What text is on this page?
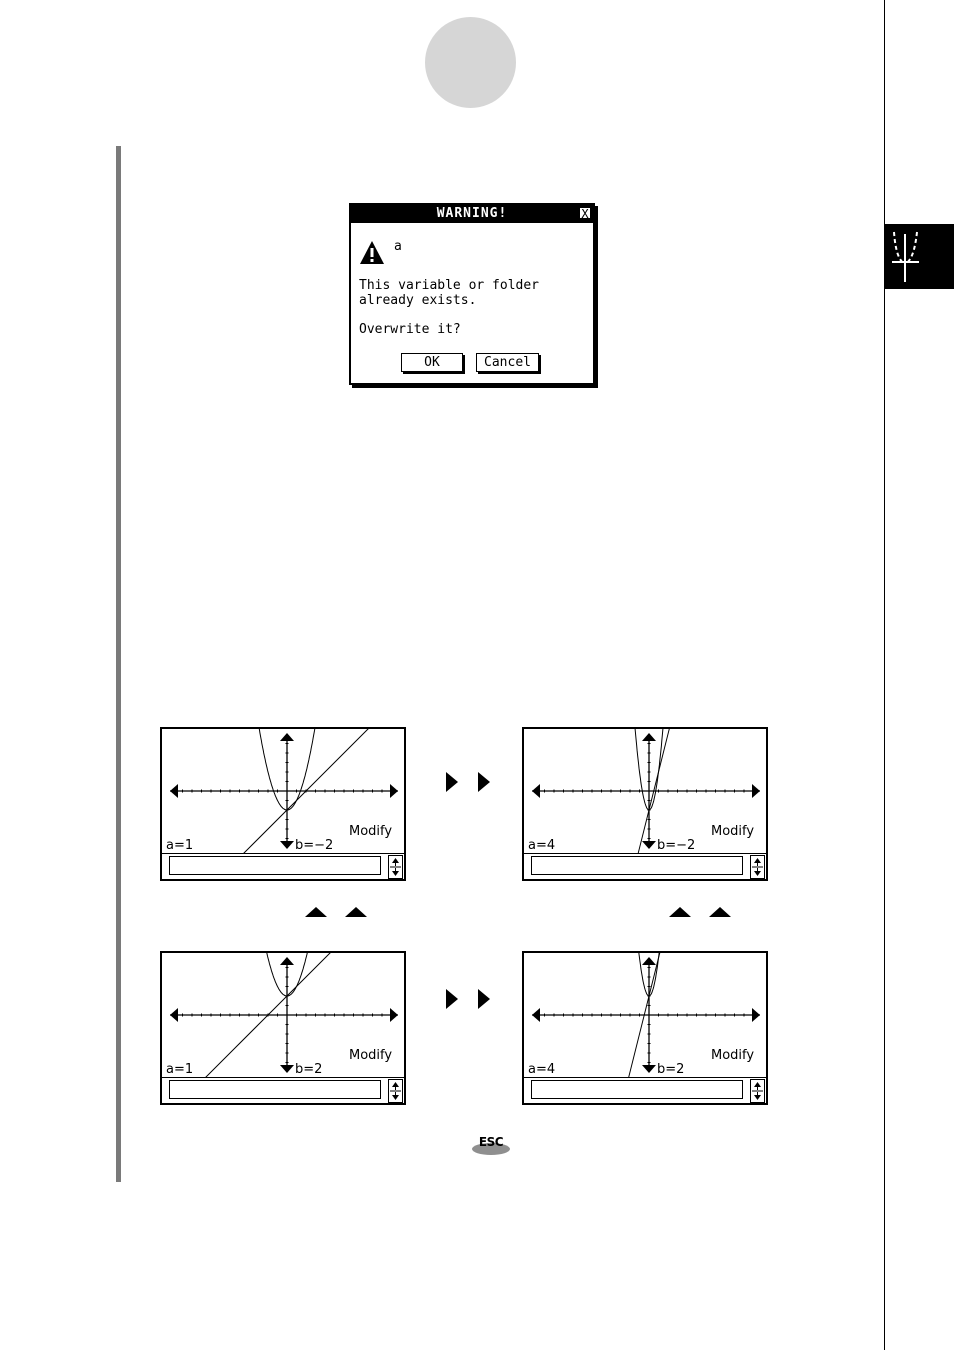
WARNING!	X
a
This variable or folder
already exists.
Overwrite it?
OK	Cancel
a=1	b=−2
Modify
a=4	b=−2
Modify
a=1	b=2
Modify
a=4	b=2
Modify
ESC
